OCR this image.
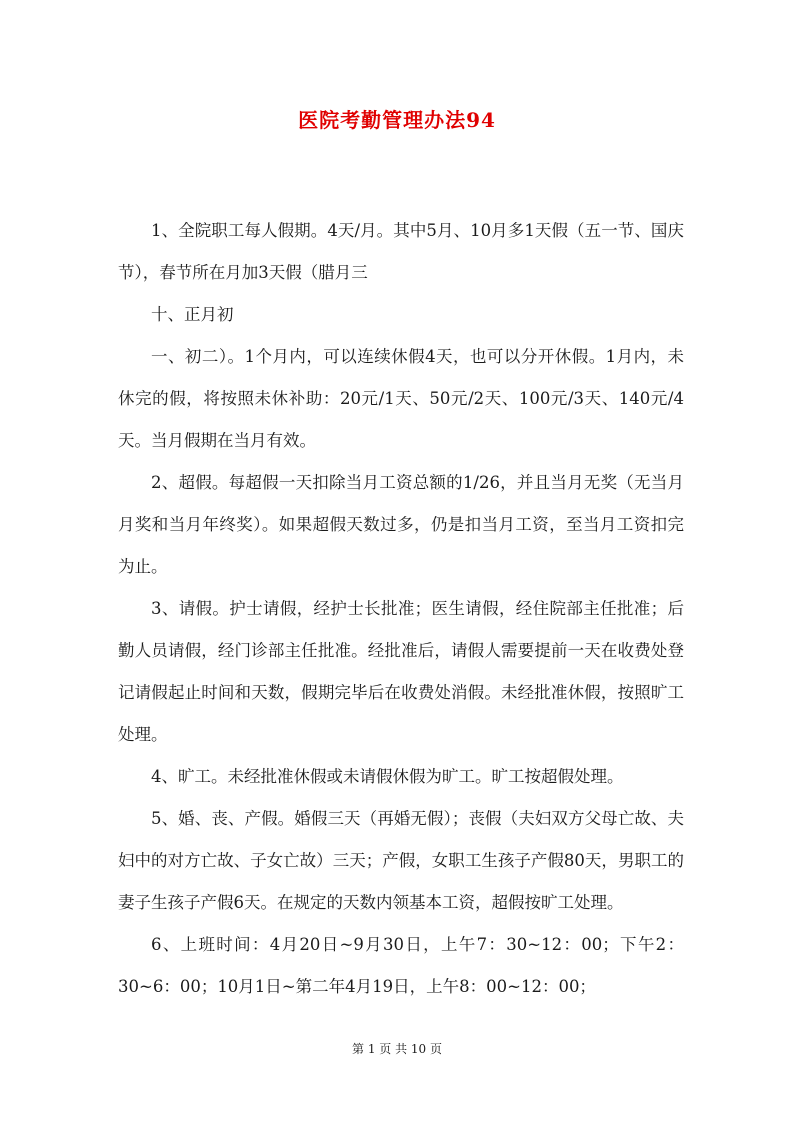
医院考勤管理办法94

1、全院职工每人假期。4天/月。其中5月、10月多1天假（五一节、国庆节），春节所在月加3天假（腊月三

十、正月初

一、初二）。1个月内，可以连续休假4天，也可以分开休假。1月内，未休完的假，将按照未休补助：20元/1天、50元/2天、100元/3天、140元/4天。当月假期在当月有效。

2、超假。每超假一天扣除当月工资总额的1/26，并且当月无奖（无当月月奖和当月年终奖）。如果超假天数过多，仍是扣当月工资，至当月工资扣完为止。

3、请假。护士请假，经护士长批准；医生请假，经住院部主任批准；后勤人员请假，经门诊部主任批准。经批准后，请假人需要提前一天在收费处登记请假起止时间和天数，假期完毕后在收费处消假。未经批准休假，按照旷工处理。

4、旷工。未经批准休假或未请假休假为旷工。旷工按超假处理。

5、婚、丧、产假。婚假三天（再婚无假）；丧假（夫妇双方父母亡故、夫妇中的对方亡故、子女亡故）三天；产假，女职工生孩子产假80天，男职工的妻子生孩子产假6天。在规定的天数内领基本工资，超假按旷工处理。

6、上班时间：4月20日~9月30日，上午7：30~12：00；下午2：30~6：00；10月1日~第二年4月19日，上午8：00~12：00；

第 1 页 共 10 页
